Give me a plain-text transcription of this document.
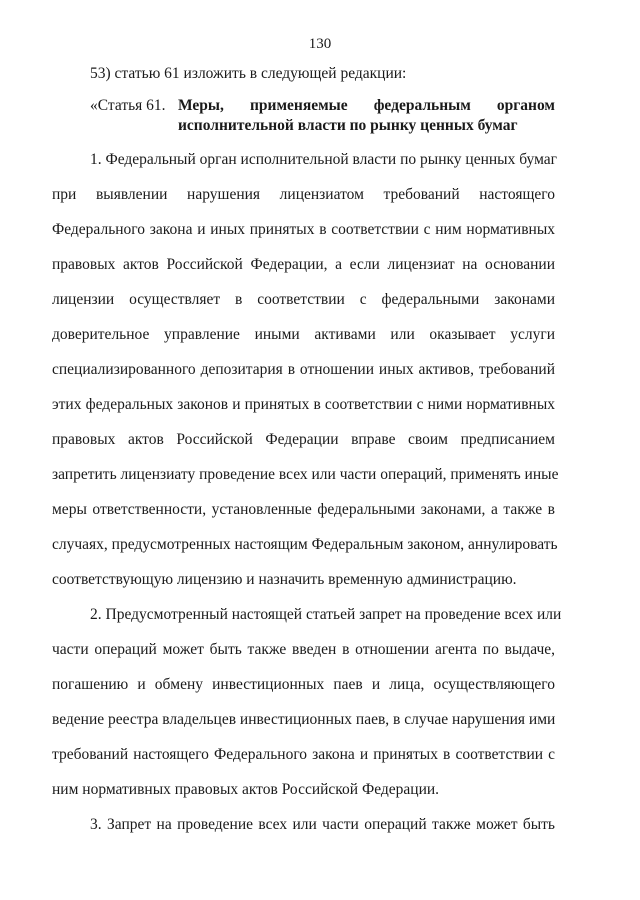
130
53) статью 61 изложить в следующей редакции:
«Статья 61. Меры, применяемые федеральным органом
исполнительной власти по рынку ценных бумаг
1. Федеральный орган исполнительной власти по рынку ценных бумаг
при выявлении нарушения лицензиатом требований настоящего
Федерального закона и иных принятых в соответствии с ним нормативных
правовых актов Российской Федерации, а если лицензиат на основании
лицензии осуществляет в соответствии с федеральными законами
доверительное управление иными активами или оказывает услуги
специализированного депозитария в отношении иных активов, требований
этих федеральных законов и принятых в соответствии с ними нормативных
правовых актов Российской Федерации вправе своим предписанием
запретить лицензиату проведение всех или части операций, применять иные
меры ответственности, установленные федеральными законами, а также в
случаях, предусмотренных настоящим Федеральным законом, аннулировать
соответствующую лицензию и назначить временную администрацию.
2. Предусмотренный настоящей статьей запрет на проведение всех или
части операций может быть также введен в отношении агента по выдаче,
погашению и обмену инвестиционных паев и лица, осуществляющего
ведение реестра владельцев инвестиционных паев, в случае нарушения ими
требований настоящего Федерального закона и принятых в соответствии с
ним нормативных правовых актов Российской Федерации.
3. Запрет на проведение всех или части операций также может быть
